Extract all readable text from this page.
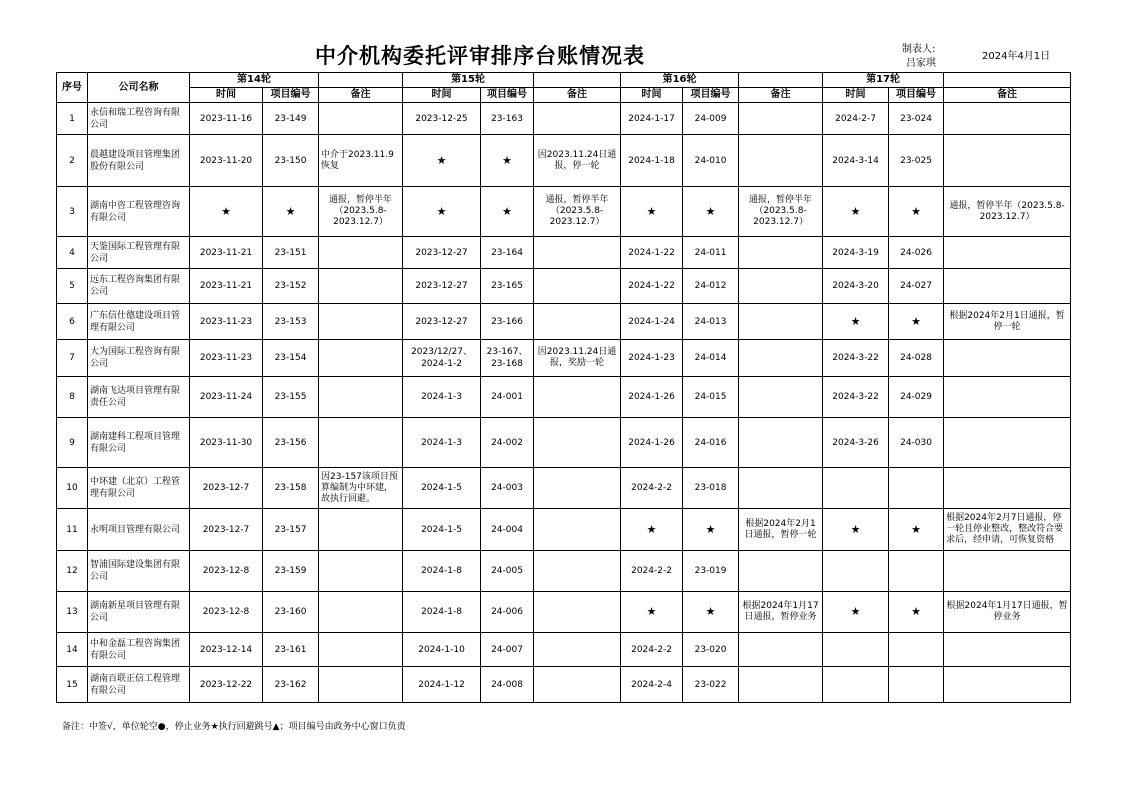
中介机构委托评审排序台账情况表	制表人:
吕家琪
2024年4月1日
序号	公司名称	第14轮			第15轮			第16轮			第17轮		
		时间	项目编号	备注	时间	项目编号	备注	时间	项目编号	备注	时间	项目编号	备注
1	永信和瑞工程咨询有限公司	2023-11-16	23-149		2023-12-25	23-163		2024-1-17	24-009		2024-2-7	23-024	
2	晨越建设项目管理集团股份有限公司	2023-11-20	23-150	中介于2023.11.9恢复	★	★	因2023.11.24日通报，停一轮	2024-1-18	24-010		2024-3-14	23-025	
3	湖南中咨工程管理咨询有限公司	★	★	通报，暂停半年（2023.5.8-2023.12.7）	★	★	通报，暂停半年（2023.5.8-2023.12.7）	★	★	通报，暂停半年（2023.5.8-2023.12.7）	★	★	通报，暂停半年（2023.5.8-2023.12.7）
4	天鉴国际工程管理有限公司	2023-11-21	23-151		2023-12-27	23-164		2024-1-22	24-011		2024-3-19	24-026	
5	远东工程咨询集团有限公司	2023-11-21	23-152		2023-12-27	23-165		2024-1-22	24-012		2024-3-20	24-027	
6	广东信仕德建设项目管理有限公司	2023-11-23	23-153		2023-12-27	23-166		2024-1-24	24-013		★	★	根据2024年2月1日通报，暂停一轮
7	大为国际工程咨询有限公司	2023-11-23	23-154		2023/12/27、2024-1-2	23-167、23-168	因2023.11.24日通报，奖励一轮	2024-1-23	24-014		2024-3-22	24-028	
8	湖南飞达项目管理有限责任公司	2023-11-24	23-155		2024-1-3	24-001		2024-1-26	24-015		2024-3-22	24-029	
9	湖南建科工程项目管理有限公司	2023-11-30	23-156		2024-1-3	24-002		2024-1-26	24-016		2024-3-26	24-030	
10	中环建（北京）工程管理有限公司	2023-12-7	23-158	因23-157该项目预算编制为中环建，故执行回避。	2024-1-5	24-003		2024-2-2	23-018				
11	永明项目管理有限公司	2023-12-7	23-157		2024-1-5	24-004		★	★	根据2024年2月1日通报，暂停一轮	★	★	根据2024年2月7日通报，停一轮且停业整改，整改符合要求后，经申请，可恢复资格
12	智浦国际建设集团有限公司	2023-12-8	23-159		2024-1-8	24-005		2024-2-2	23-019				
13	湖南新星项目管理有限公司	2023-12-8	23-160		2024-1-8	24-006		★	★	根据2024年1月17日通报，暂停业务	★	★	根据2024年1月17日通报，暂停业务
14	中和金磊工程咨询集团有限公司	2023-12-14	23-161		2024-1-10	24-007		2024-2-2	23-020				
15	湖南百联正信工程管理有限公司	2023-12-22	23-162		2024-1-12	24-008		2024-2-4	23-022				
备注：中签√，单位轮空●，停止业务★执行回避跳号▲；项目编号由政务中心窗口负责
